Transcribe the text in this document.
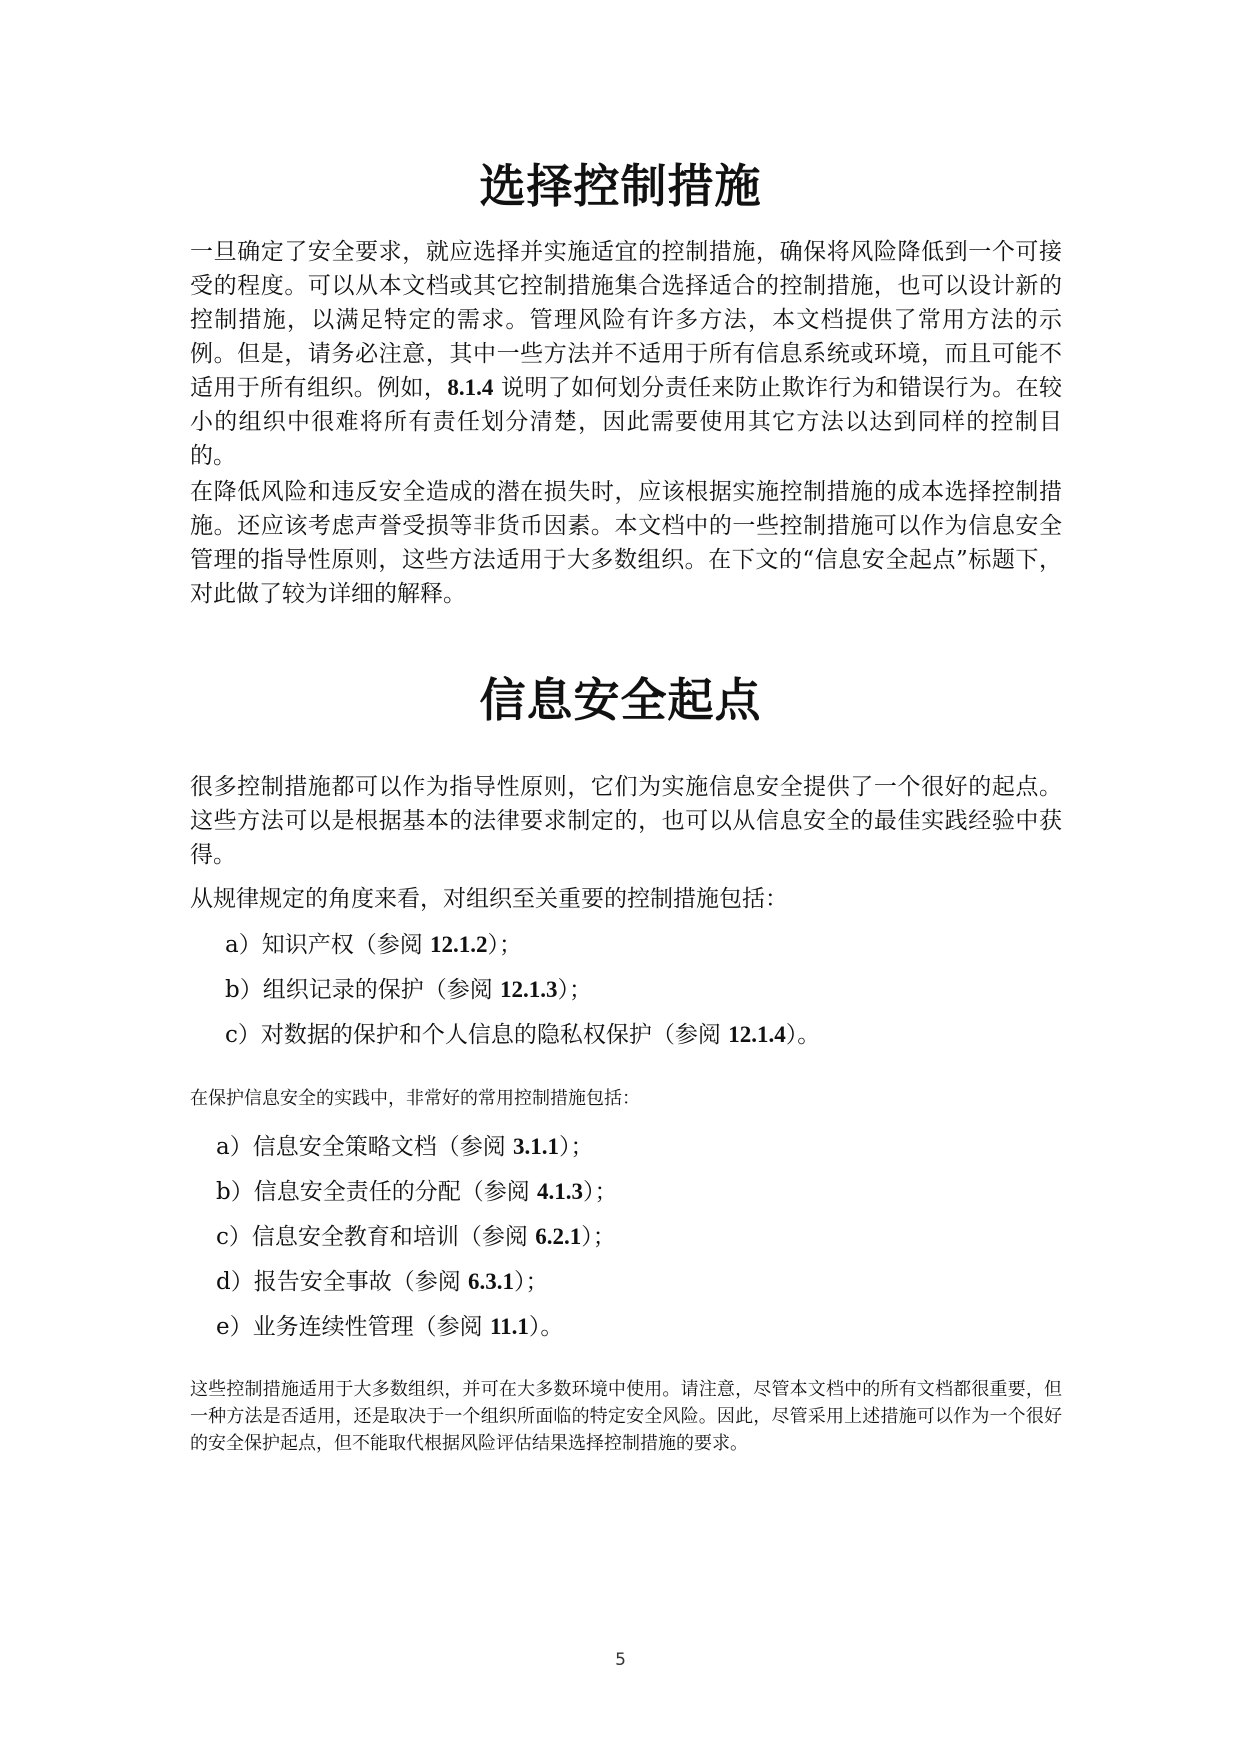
选择控制措施

一旦确定了安全要求，就应选择并实施适宜的控制措施，确保将风险降低到一个可接受的程度。可以从本文档或其它控制措施集合选择适合的控制措施，也可以设计新的控制措施，以满足特定的需求。管理风险有许多方法，本文档提供了常用方法的示例。但是，请务必注意，其中一些方法并不适用于所有信息系统或环境，而且可能不适用于所有组织。例如，8.1.4 说明了如何划分责任来防止欺诈行为和错误行为。在较小的组织中很难将所有责任划分清楚，因此需要使用其它方法以达到同样的控制目的。

在降低风险和违反安全造成的潜在损失时，应该根据实施控制措施的成本选择控制措施。还应该考虑声誉受损等非货币因素。本文档中的一些控制措施可以作为信息安全管理的指导性原则，这些方法适用于大多数组织。在下文的“信息安全起点”标题下，对此做了较为详细的解释。

信息安全起点

很多控制措施都可以作为指导性原则，它们为实施信息安全提供了一个很好的起点。这些方法可以是根据基本的法律要求制定的，也可以从信息安全的最佳实践经验中获得。

从规律规定的角度来看，对组织至关重要的控制措施包括：

a）知识产权（参阅 12.1.2）；
b）组织记录的保护（参阅 12.1.3）；
c）对数据的保护和个人信息的隐私权保护（参阅 12.1.4）。

在保护信息安全的实践中，非常好的常用控制措施包括：

a）信息安全策略文档（参阅 3.1.1）；
b）信息安全责任的分配（参阅 4.1.3）；
c）信息安全教育和培训（参阅 6.2.1）；
d）报告安全事故（参阅 6.3.1）；
e）业务连续性管理（参阅 11.1）。

这些控制措施适用于大多数组织，并可在大多数环境中使用。请注意，尽管本文档中的所有文档都很重要，但一种方法是否适用，还是取决于一个组织所面临的特定安全风险。因此，尽管采用上述措施可以作为一个很好的安全保护起点，但不能取代根据风险评估结果选择控制措施的要求。

5
